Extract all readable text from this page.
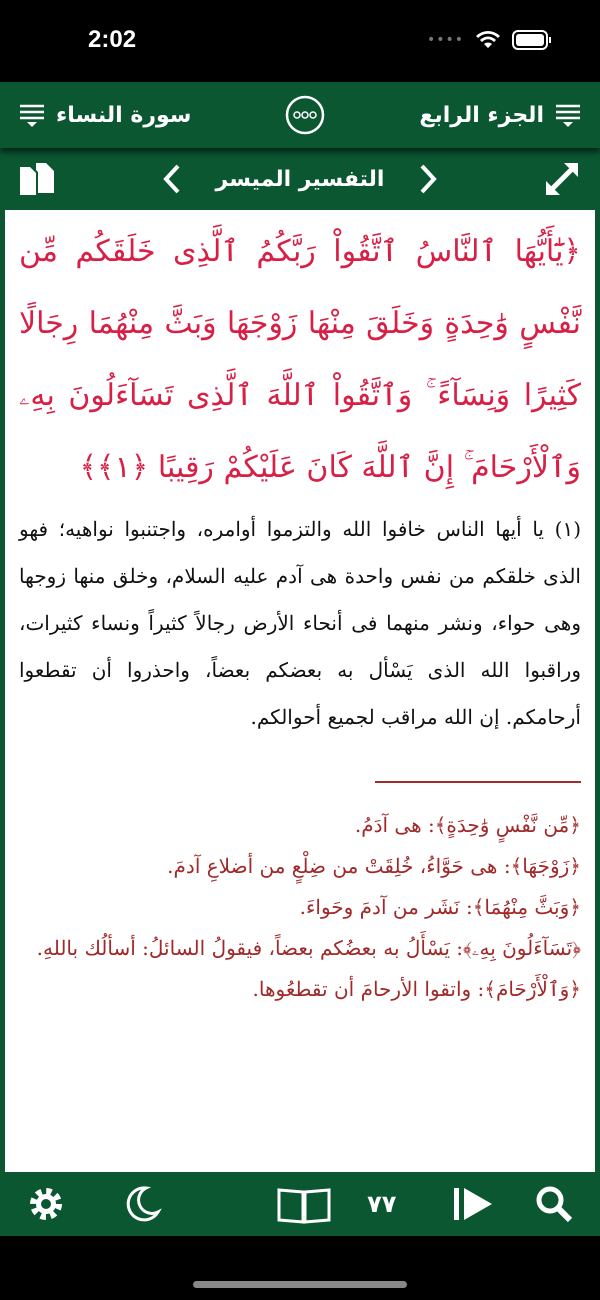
2:02	••••
سورة النساء	الجزء الرابع
التفسير الميسر

﴿يَٰٓأَيُّهَا ٱلنَّاسُ ٱتَّقُواْ رَبَّكُمُ ٱلَّذِى خَلَقَكُم مِّن نَّفْسٍ وَٰحِدَةٍ وَخَلَقَ مِنْهَا زَوْجَهَا وَبَثَّ مِنْهُمَا رِجَالًا كَثِيرًا وَنِسَآءً ۚ وَٱتَّقُواْ ٱللَّهَ ٱلَّذِى تَسَآءَلُونَ بِهِۦ وَٱلْأَرْحَامَ ۚ إِنَّ ٱللَّهَ كَانَ عَلَيْكُمْ رَقِيبًا ﴿١﴾﴾

(١) يا أيها الناس خافوا الله والتزموا أوامره، واجتنبوا نواهيه؛ فهو الذى خلقكم من نفس واحدة هى آدم عليه السلام، وخلق منها زوجها وهى حواء، ونشر منهما فى أنحاء الأرض رجالاً كثيراً ونساء كثيرات، وراقبوا الله الذى يَسْأل به بعضكم بعضاً، واحذروا أن تقطعوا أرحامكم. إن الله مراقب لجميع أحوالكم.

﴿مِّن نَّفْسٍ وَٰحِدَةٍ﴾: هى آدَمُ.

﴿زَوْجَهَا﴾: هى حَوَّاءُ، خُلِقَتْ من ضِلْعٍ من أضلاعِ آدمَ.

﴿وَبَثَّ مِنْهُمَا﴾: نَشَر من آدمَ وحَواءَ.

﴿تَسَآءَلُونَ بِهِۦ﴾: يَسْأَلُ به بعضُكم بعضاً، فيقولُ السائلُ: أسألُك باللهِ.

﴿وَٱلْأَرْحَامَ﴾: واتقوا الأرحامَ أن تقطعُوها.

٧٧
